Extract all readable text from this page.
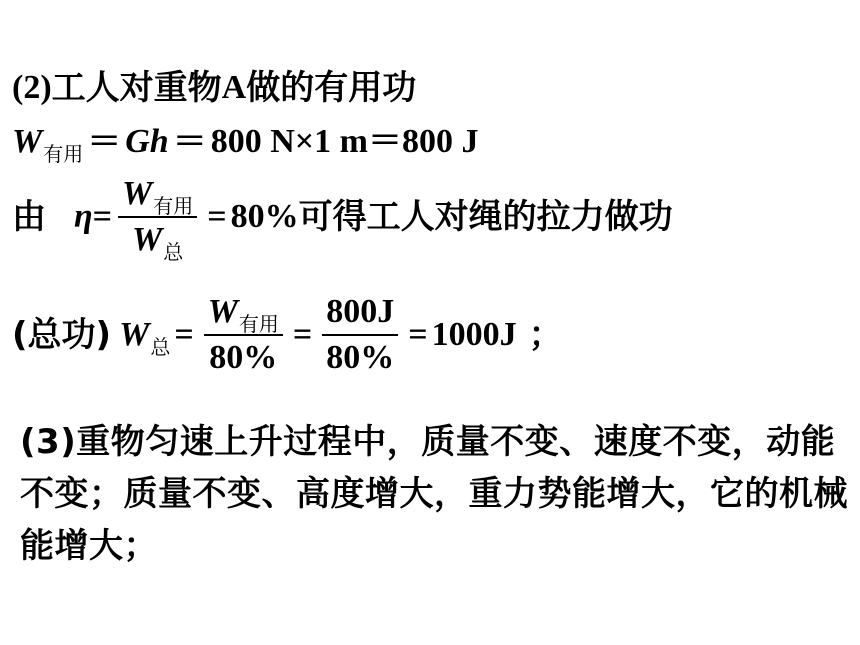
(2) 工人对重物 A 做的有用功
W 有用 ＝ Gh ＝ 800 N×1 m＝800 J
由 $\eta = \frac{\text{W 有用}}{\text{W 总}} = 80\%$ 可得工人对绳的拉力做功
(总功) W 总 = $\frac{\text{W 有用}}{80\%} = \frac{800J}{80\%} = 1000J$ ；
(3)重物匀速上升过程中，质量不变、速度不变，动能不变；质量不变、高度增大，重力势能增大，它的机械能增大；
